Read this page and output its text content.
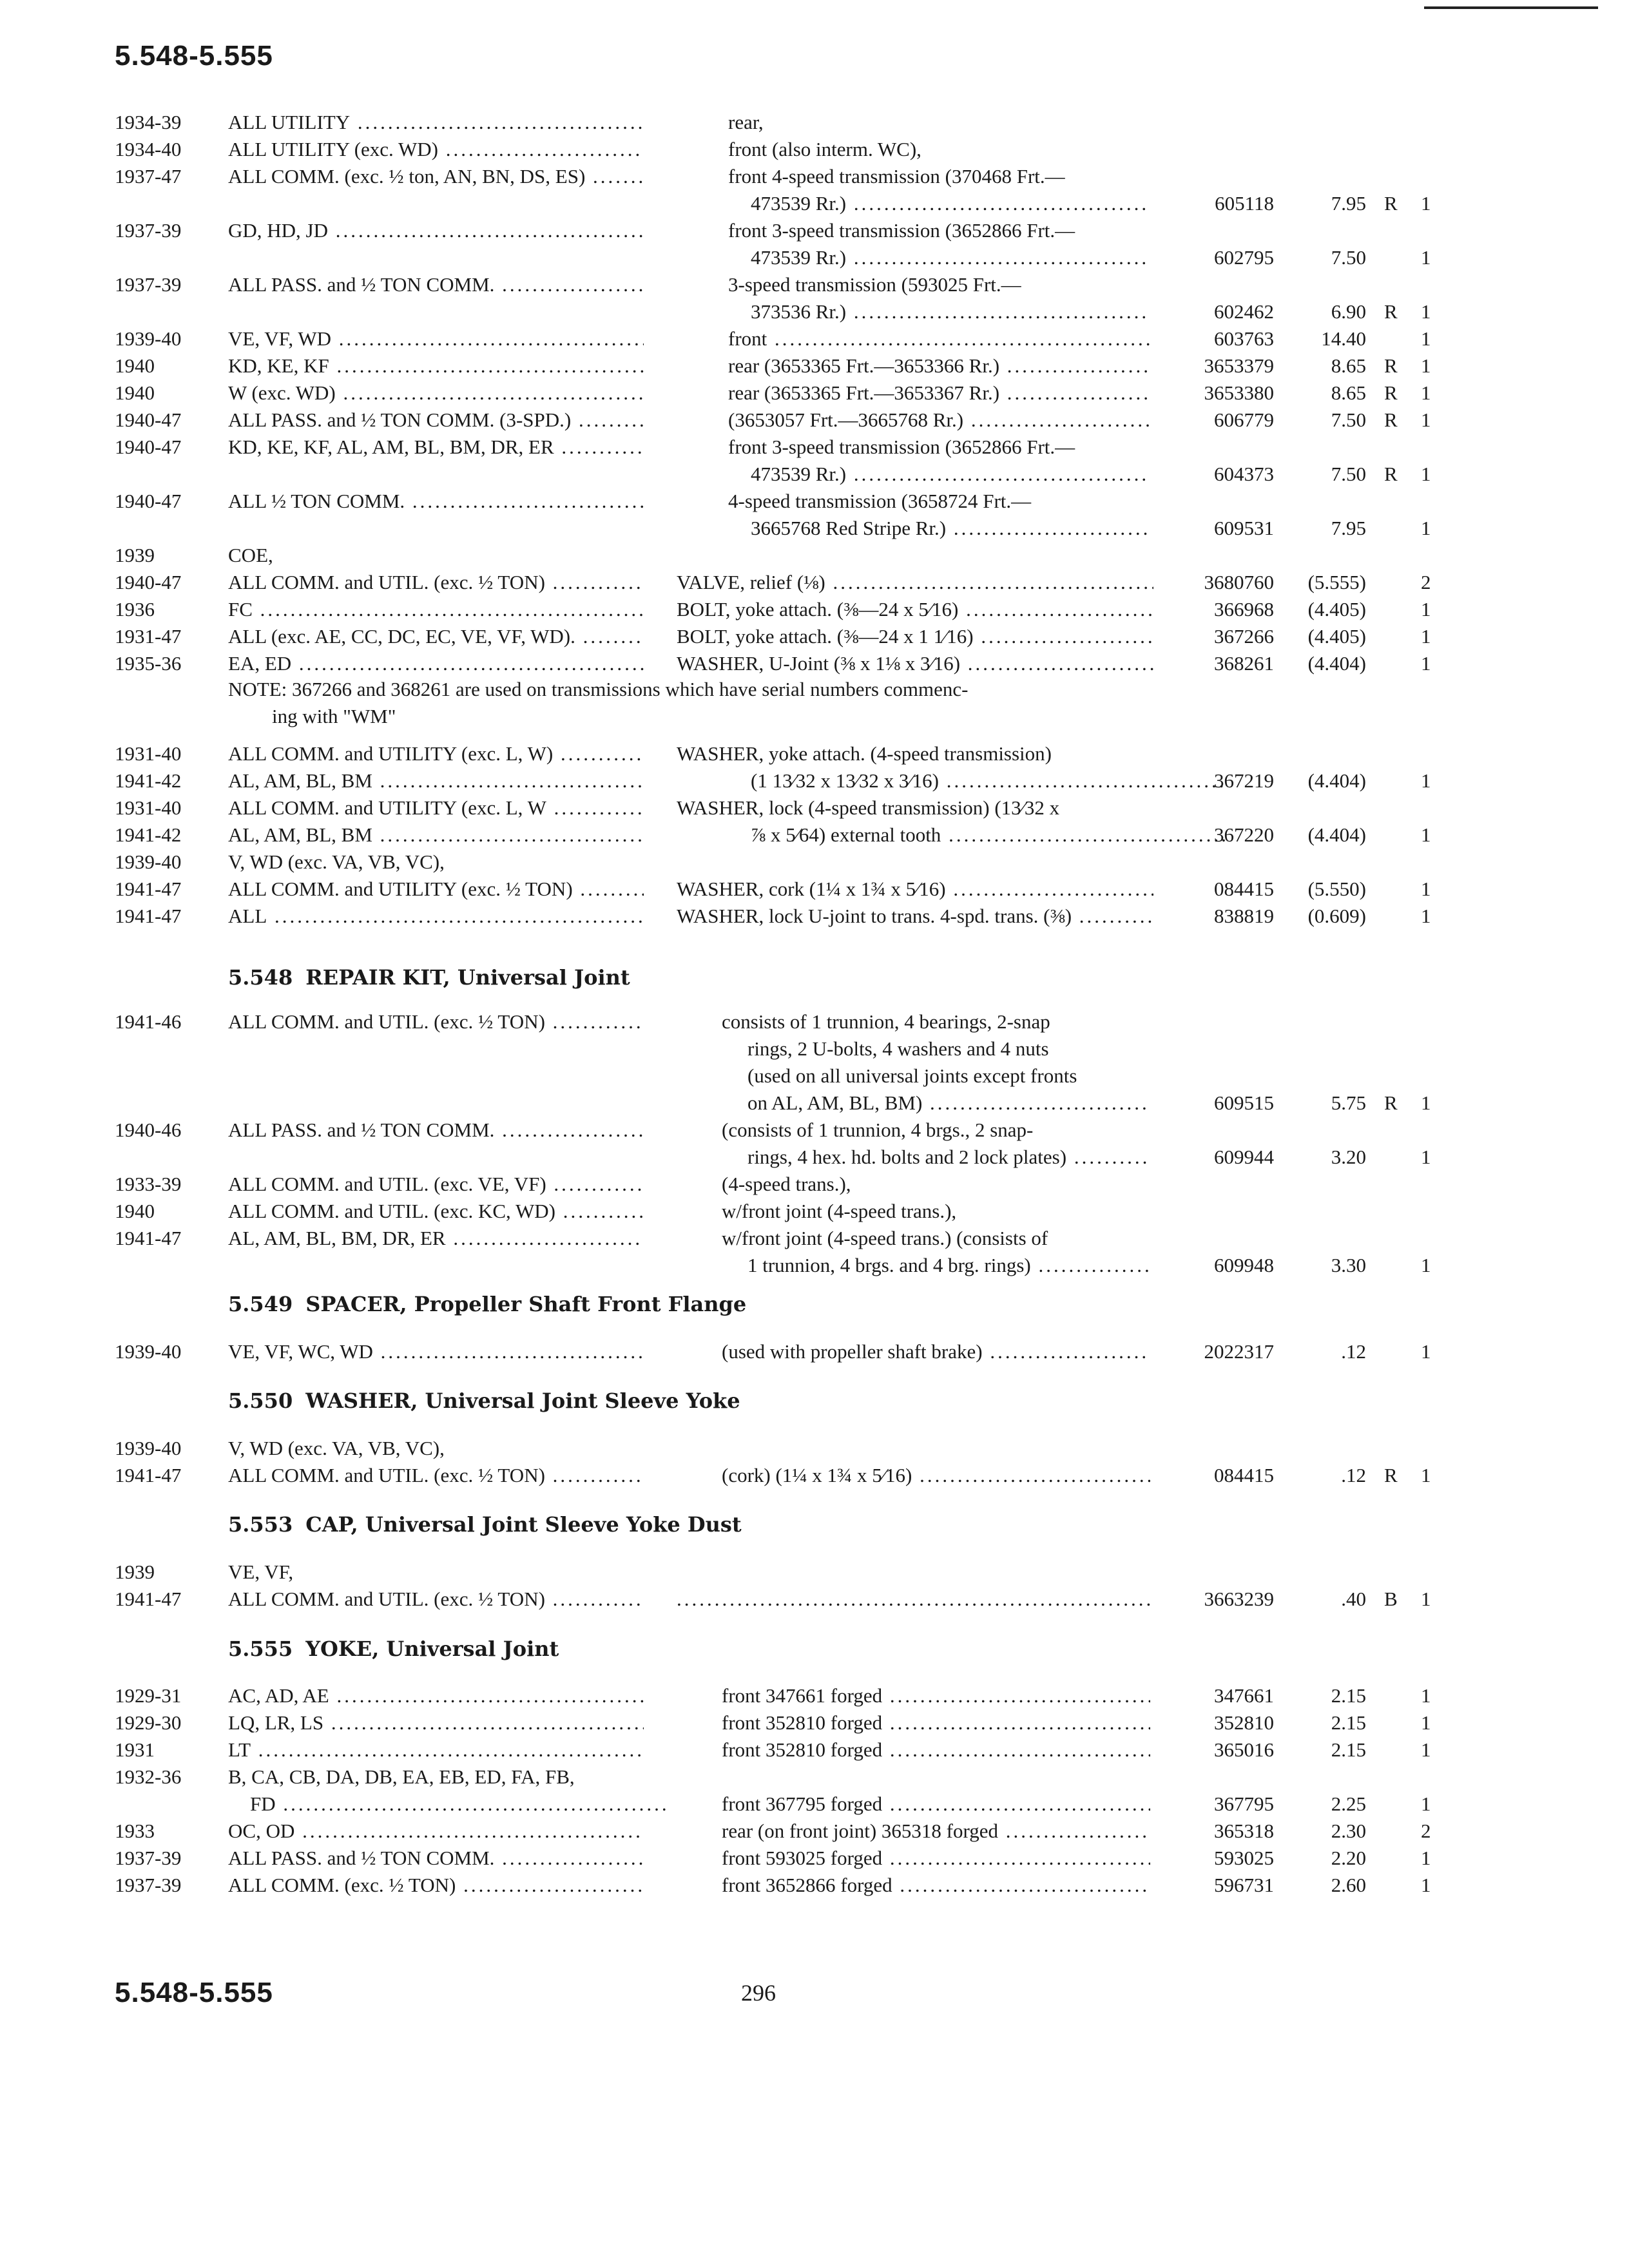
5.548-5.555
5.548-5.555	296
1934-39 ALL UTILITY .....	rear,
1934-40 ALL UTILITY (exc. WD) .....	front (also interm. WC),
1937-47 ALL COMM. (exc. ½ ton, AN, BN, DS, ES) .....	front 4-speed transmission (370468 Frt.—
473539 Rr.) .....	605118	7.95 R 1
1937-39 GD, HD, JD .....	front 3-speed transmission (3652866 Frt.—
473539 Rr.) .....	602795	7.50	1
1937-39 ALL PASS. and ½ TON COMM. .....	3-speed transmission (593025 Frt.—
373536 Rr.) .....	602462	6.90 R 1
1939-40 VE, VF, WD .....	front .....	603763	14.40	1
1940	KD, KE, KF .....	rear (3653365 Frt.—3653366 Rr.) .....	3653379	8.65 R 1
1940	W (exc. WD) .....	rear (3653365 Frt.—3653367 Rr.) .....	3653380	8.65 R 1
1940-47 ALL PASS. and ½ TON COMM. (3-SPD.) .....	(3653057 Frt.—3665768 Rr.) .....	606779	7.50 R 1
1940-47 KD, KE, KF, AL, AM, BL, BM, DR, ER .....	front 3-speed transmission (3652866 Frt.—
473539 Rr.) .....	604373	7.50 R 1
1940-47 ALL ½ TON COMM. .....	4-speed transmission (3658724 Frt.—
3665768 Red Stripe Rr.) .....	609531	7.95	1
1939	COE,
1940-47 ALL COMM. and UTIL. (exc. ½ TON) .....	VALVE, relief (⅛) .....	3680760	(5.555)	2
1936	FC .....	BOLT, yoke attach. (⅜—24 x 5⁄16) .....	366968	(4.405)	1
1931-47 ALL (exc. AE, CC, DC, EC, VE, VF, WD). .....	BOLT, yoke attach. (⅜—24 x 1 1⁄16) .....	367266	(4.405)	1
1935-36 EA, ED .....	WASHER, U-Joint (⅜ x 1⅛ x 3⁄16) .....	368261	(4.404)	1
NOTE: 367266 and 368261 are used on transmissions which have serial numbers commenc-
ing with "WM"
1931-40 ALL COMM. and UTILITY (exc. L, W) .....	WASHER, yoke attach. (4-speed transmission)
1941-42 AL, AM, BL, BM .....	(1 13⁄32 x 13⁄32 x 3⁄16) .....	367219	(4.404)	1
1931-40 ALL COMM. and UTILITY (exc. L, W .....	WASHER, lock (4-speed transmission) (13⁄32 x
1941-42 AL, AM, BL, BM .....	⅞ x 5⁄64) external tooth .....	367220	(4.404)	1
1939-40 V, WD (exc. VA, VB, VC),
1941-47 ALL COMM. and UTILITY (exc. ½ TON) .....	WASHER, cork (1¼ x 1¾ x 5⁄16) .....	084415	(5.550)	1
1941-47 ALL .....	WASHER, lock U-joint to trans. 4-spd. trans. (⅜) .....	838819	(0.609)	1
5.548 REPAIR KIT, Universal Joint
1941-46 ALL COMM. and UTIL. (exc. ½ TON) .....	consists of 1 trunnion, 4 bearings, 2-snap
rings, 2 U-bolts, 4 washers and 4 nuts
(used on all universal joints except fronts
on AL, AM, BL, BM) .....	609515	5.75 R 1
1940-46 ALL PASS. and ½ TON COMM. .....	(consists of 1 trunnion, 4 brgs., 2 snap-
rings, 4 hex. hd. bolts and 2 lock plates) .....	609944	3.20	1
1933-39 ALL COMM. and UTIL. (exc. VE, VF) .....	(4-speed trans.),
1940	ALL COMM. and UTIL. (exc. KC, WD) .....	w/front joint (4-speed trans.),
1941-47 AL, AM, BL, BM, DR, ER .....	w/front joint (4-speed trans.) (consists of
1 trunnion, 4 brgs. and 4 brg. rings) .....	609948	3.30	1
5.549 SPACER, Propeller Shaft Front Flange
1939-40 VE, VF, WC, WD .....	(used with propeller shaft brake) .....	2022317	.12	1
5.550 WASHER, Universal Joint Sleeve Yoke
1939-40 V, WD (exc. VA, VB, VC),
1941-47 ALL COMM. and UTIL. (exc. ½ TON) .....	(cork) (1¼ x 1¾ x 5⁄16) .....	084415	.12 R 1
5.553 CAP, Universal Joint Sleeve Yoke Dust
1939	VE, VF,
1941-47 ALL COMM. and UTIL. (exc. ½ TON) .....
.....	3663239	.40 B 1
5.555 YOKE, Universal Joint
1929-31 AC, AD, AE .....	front 347661 forged .....	347661	2.15	1
1929-30 LQ, LR, LS .....	front 352810 forged .....	352810	2.15	1
1931	LT .....	front 352810 forged .....	365016	2.15	1
1932-36 B, CA, CB, DA, DB, EA, EB, ED, FA, FB,
FD .....	front 367795 forged .....	367795	2.25	1
1933	OC, OD .....	rear (on front joint) 365318 forged .....	365318	2.30	2
1937-39 ALL PASS. and ½ TON COMM. .....	front 593025 forged .....	593025	2.20	1
1937-39 ALL COMM. (exc. ½ TON) .....	front 3652866 forged .....	596731	2.60	1
